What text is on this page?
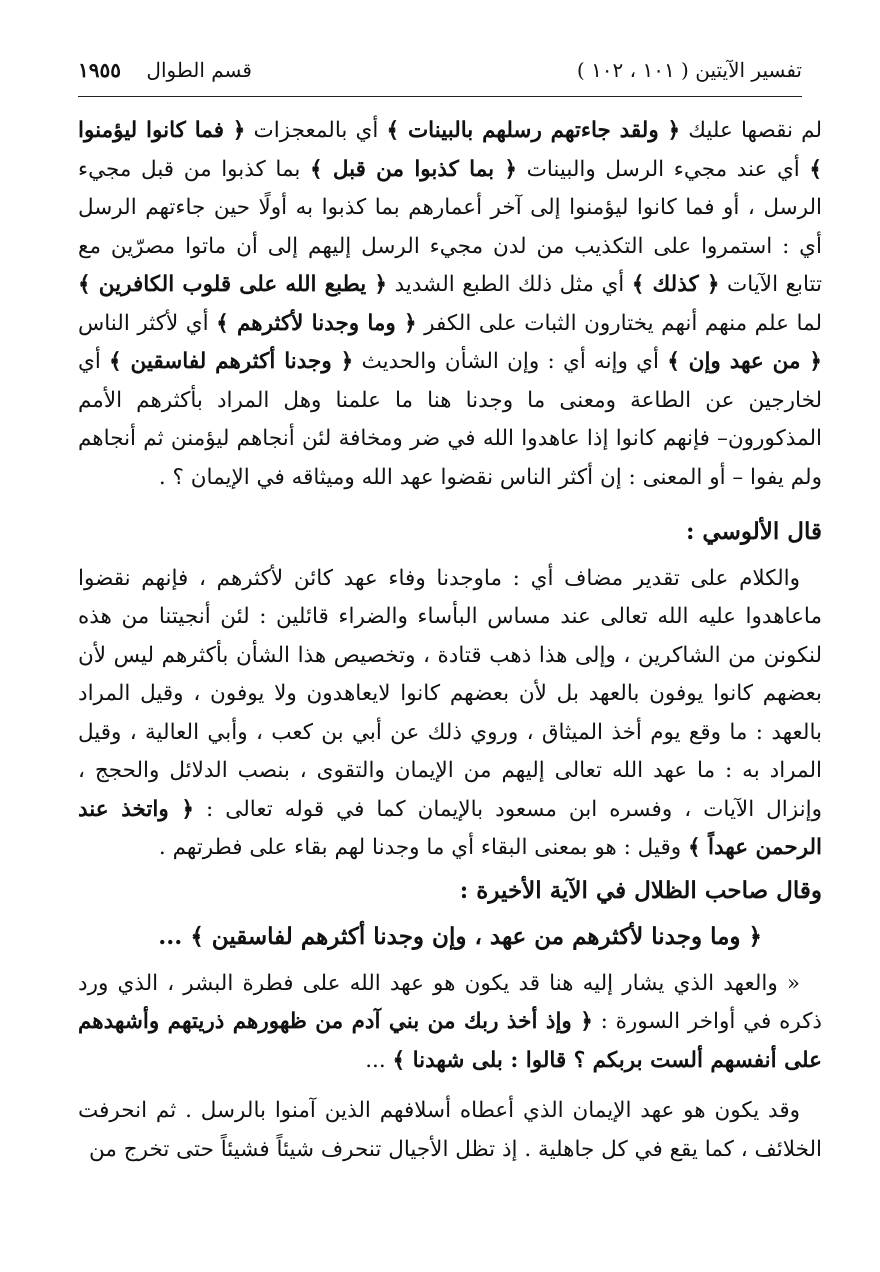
تفسير الآيتين ( ١٠١ ، ١٠٢ )
قسم الطوال    ١٩٥٥

لم نقصها عليك ﴿ ولقد جاءتهم رسلهم بالبينات ﴾ أي بالمعجزات ﴿ فما كانوا ليؤمنوا ﴾ أي عند مجيء الرسل والبينات ﴿ بما كذبوا من قبل ﴾ بما كذبوا من قبل مجيء الرسل ، أو فما كانوا ليؤمنوا إلى آخر أعمارهم بما كذبوا به أولًا حين جاءتهم الرسل أي : استمروا على التكذيب من لدن مجيء الرسل إليهم إلى أن ماتوا مصرّين مع تتابع الآيات ﴿ كذلك ﴾ أي مثل ذلك الطبع الشديد ﴿ يطبع الله على قلوب الكافرين ﴾ لما علم منهم أنهم يختارون الثبات على الكفر ﴿ وما وجدنا لأكثرهم ﴾ أي لأكثر الناس ﴿ من عهد وإن ﴾ أي وإنه أي : وإن الشأن والحديث ﴿ وجدنا أكثرهم لفاسقين ﴾ أي لخارجين عن الطاعة ومعنى ما وجدنا هنا ما علمنا وهل المراد بأكثرهم الأمم المذكورون– فإنهم كانوا إذا عاهدوا الله في ضر ومخافة لئن أنجاهم ليؤمنن ثم أنجاهم ولم يفوا – أو المعنى : إن أكثر الناس نقضوا عهد الله وميثاقه في الإيمان ؟ .

قال الألوسي :

والكلام على تقدير مضاف أي : ماوجدنا وفاء عهد كائن لأكثرهم ، فإنهم نقضوا ماعاهدوا عليه الله تعالى عند مساس البأساء والضراء قائلين : لئن أنجيتنا من هذه لنكونن من الشاكرين ، وإلى هذا ذهب قتادة ، وتخصيص هذا الشأن بأكثرهم ليس لأن بعضهم كانوا يوفون بالعهد بل لأن بعضهم كانوا لايعاهدون ولا يوفون ، وقيل المراد بالعهد : ما وقع يوم أخذ الميثاق ، وروي ذلك عن أبي بن كعب ، وأبي العالية ، وقيل المراد به : ما عهد الله تعالى إليهم من الإيمان والتقوى ، بنصب الدلائل والحجج ، وإنزال الآيات ، وفسره ابن مسعود بالإيمان كما في قوله تعالى : ﴿ واتخذ عند الرحمن عهداً ﴾ وقيل : هو بمعنى البقاء أي ما وجدنا لهم بقاء على فطرتهم .

وقال صاحب الظلال في الآية الأخيرة :

﴿ وما وجدنا لأكثرهم من عهد ، وإن وجدنا أكثرهم لفاسقين ﴾ ...

« والعهد الذي يشار إليه هنا قد يكون هو عهد الله على فطرة البشر ، الذي ورد ذكره في أواخر السورة : ﴿ وإذ أخذ ربك من بني آدم من ظهورهم ذريتهم وأشهدهم على أنفسهم ألست بربكم ؟ قالوا : بلى شهدنا ﴾ ...

وقد يكون هو عهد الإيمان الذي أعطاه أسلافهم الذين آمنوا بالرسل . ثم انحرفت الخلائف ، كما يقع في كل جاهلية . إذ تظل الأجيال تنحرف شيئاً فشيئاً حتى تخرج من
